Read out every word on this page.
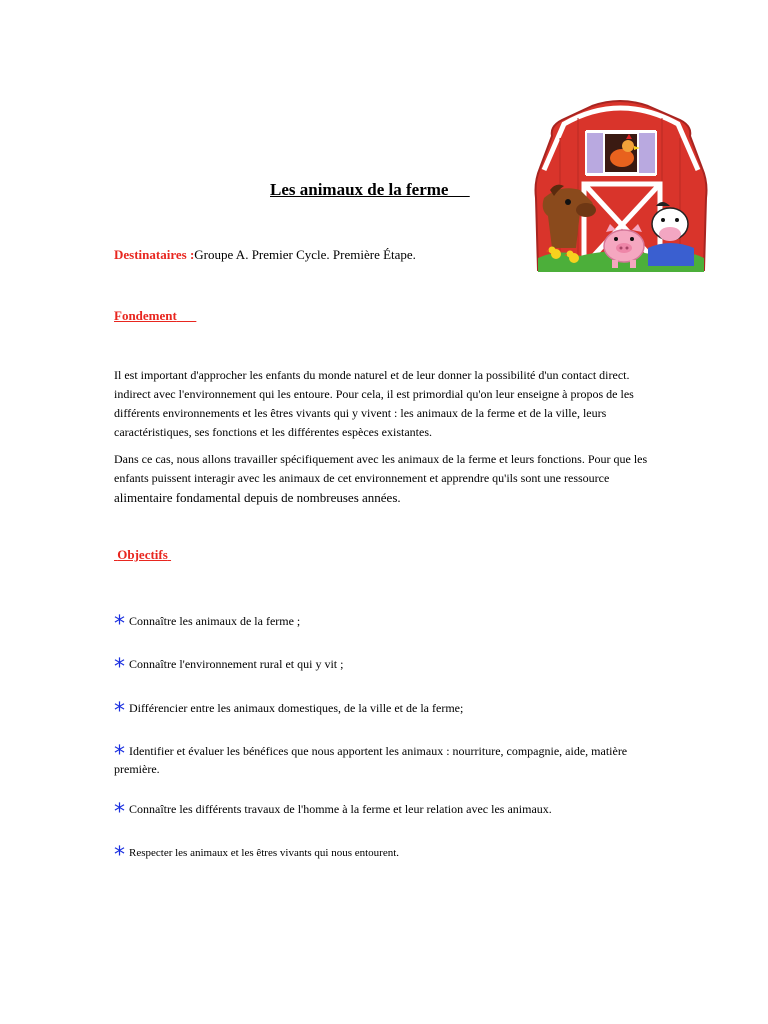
Les animaux de la ferme
Destinataires :Groupe A. Premier Cycle. Première Étape.
Fondement
Il est important d'approcher les enfants du monde naturel et de leur donner la possibilité d'un contact direct. indirect avec l'environnement qui les entoure. Pour cela, il est primordial qu'on leur enseigne à propos de les différents environnements et les êtres vivants qui y vivent : les animaux de la ferme et de la ville, leurs caractéristiques, ses fonctions et les différentes espèces existantes.
Dans ce cas, nous allons travailler spécifiquement avec les animaux de la ferme et leurs fonctions. Pour que les enfants puissent interagir avec les animaux de cet environnement et apprendre qu'ils sont une ressource alimentaire fondamental depuis de nombreuses années.
Objectifs
* Connaître les animaux de la ferme ;
* Connaître l'environnement rural et qui y vit ;
* Différencier entre les animaux domestiques, de la ville et de la ferme;
* Identifier et évaluer les bénéfices que nous apportent les animaux : nourriture, compagnie, aide, matière première.
* Connaître les différents travaux de l'homme à la ferme et leur relation avec les animaux.
* Respecter les animaux et les êtres vivants qui nous entourent.
